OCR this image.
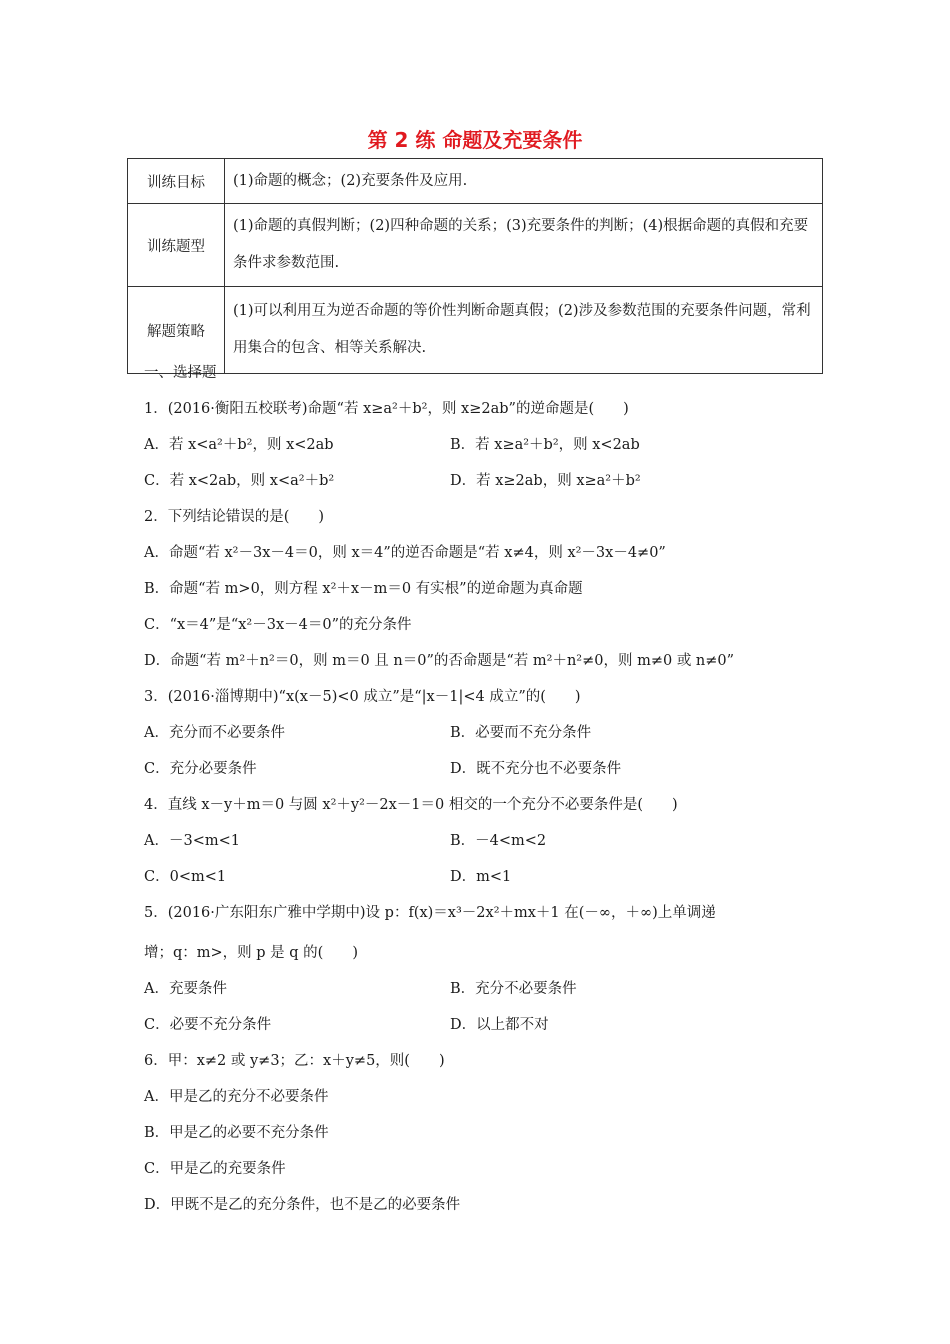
第 2 练 命题及充要条件
训练目标	(1)命题的概念；(2)充要条件及应用.
训练题型	(1)命题的真假判断；(2)四种命题的关系；(3)充要条件的判断；(4)根据命题的真假和充要条件求参数范围.
解题策略	(1)可以利用互为逆否命题的等价性判断命题真假；(2)涉及参数范围的充要条件问题，常利用集合的包含、相等关系解决.
一、选择题
1．(2016·衡阳五校联考)命题“若 x≥a²＋b²，则 x≥2ab”的逆命题是(　　)
A．若 x<a²＋b²，则 x<2ab	B．若 x≥a²＋b²，则 x<2ab
C．若 x<2ab，则 x<a²＋b²	D．若 x≥2ab，则 x≥a²＋b²
2．下列结论错误的是(　　)
A．命题“若 x²－3x－4＝0，则 x＝4”的逆否命题是“若 x≠4，则 x²－3x－4≠0”
B．命题“若 m>0，则方程 x²＋x－m＝0 有实根”的逆命题为真命题
C．“x＝4”是“x²－3x－4＝0”的充分条件
D．命题“若 m²＋n²＝0，则 m＝0 且 n＝0”的否命题是“若 m²＋n²≠0，则 m≠0 或 n≠0”
3．(2016·淄博期中)“x(x－5)<0 成立”是“|x－1|<4 成立”的(　　)
A．充分而不必要条件	B．必要而不充分条件
C．充分必要条件	D．既不充分也不必要条件
4．直线 x－y＋m＝0 与圆 x²＋y²－2x－1＝0 相交的一个充分不必要条件是(　　)
A．－3<m<1	B．－4<m<2
C．0<m<1	D．m<1
5．(2016·广东阳东广雅中学期中)设 p：f(x)＝x³－2x²＋mx＋1 在(－∞，＋∞)上单调递
增；q：m>，则 p 是 q 的(　　)
A．充要条件	B．充分不必要条件
C．必要不充分条件	D．以上都不对
6．甲：x≠2 或 y≠3；乙：x＋y≠5，则(　　)
A．甲是乙的充分不必要条件
B．甲是乙的必要不充分条件
C．甲是乙的充要条件
D．甲既不是乙的充分条件，也不是乙的必要条件
